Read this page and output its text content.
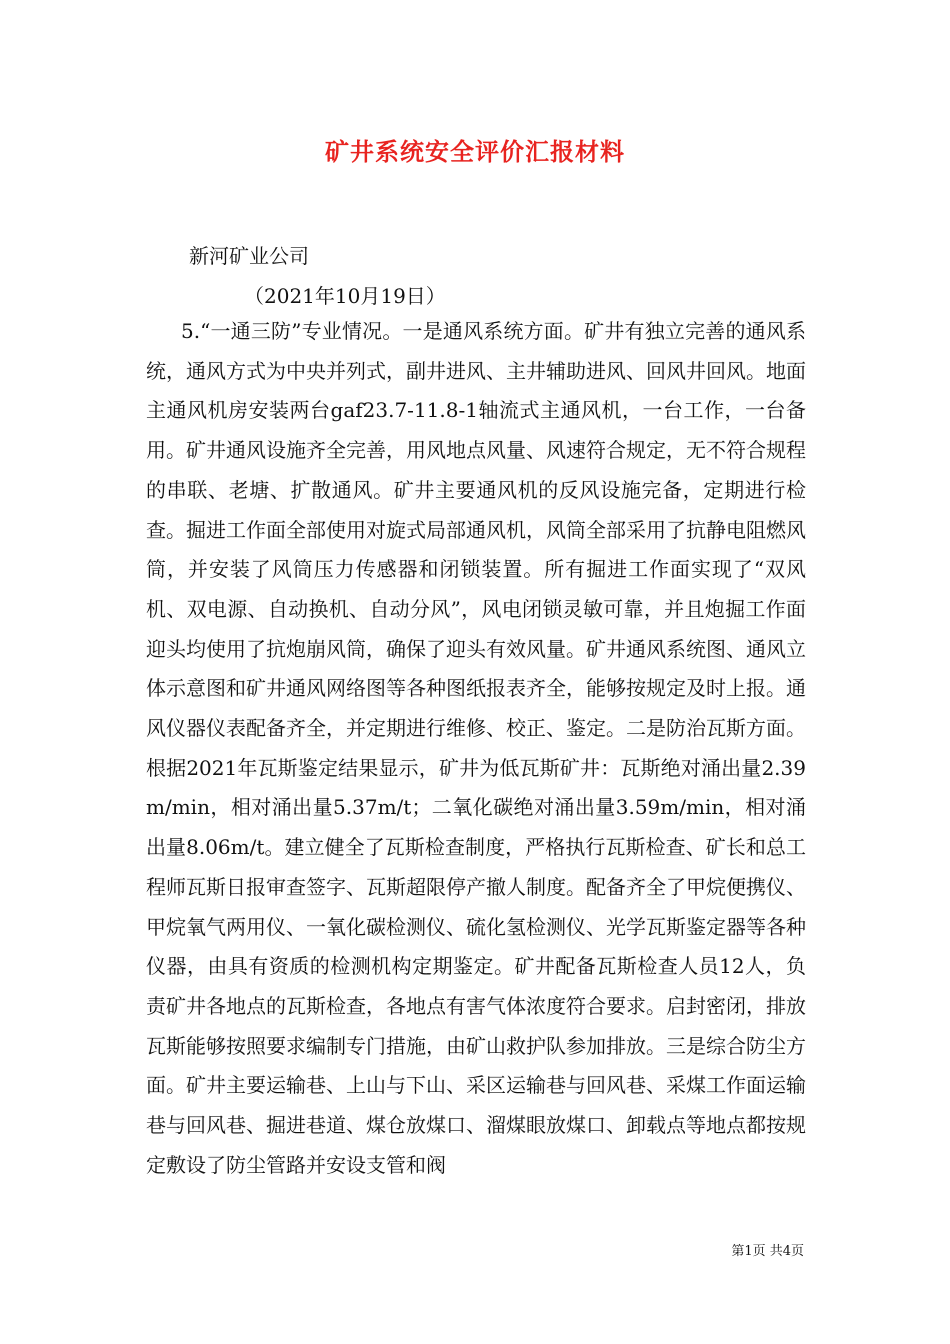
矿井系统安全评价汇报材料

新河矿业公司

（2021年10月19日）

5.“一通三防”专业情况。一是通风系统方面。矿井有独立完善的通风系统，通风方式为中央并列式，副井进风、主井辅助进风、回风井回风。地面主通风机房安装两台gaf23.7-11.8-1轴流式主通风机，一台工作，一台备用。矿井通风设施齐全完善，用风地点风量、风速符合规定，无不符合规程的串联、老塘、扩散通风。矿井主要通风机的反风设施完备，定期进行检查。掘进工作面全部使用对旋式局部通风机，风筒全部采用了抗静电阻燃风筒，并安装了风筒压力传感器和闭锁装置。所有掘进工作面实现了“双风机、双电源、自动换机、自动分风”，风电闭锁灵敏可靠，并且炮掘工作面迎头均使用了抗炮崩风筒，确保了迎头有效风量。矿井通风系统图、通风立体示意图和矿井通风网络图等各种图纸报表齐全，能够按规定及时上报。通风仪器仪表配备齐全，并定期进行维修、校正、鉴定。二是防治瓦斯方面。根据2021年瓦斯鉴定结果显示，矿井为低瓦斯矿井：瓦斯绝对涌出量2.39m/min，相对涌出量5.37m/t；二氧化碳绝对涌出量3.59m/min，相对涌出量8.06m/t。建立健全了瓦斯检查制度，严格执行瓦斯检查、矿长和总工程师瓦斯日报审查签字、瓦斯超限停产撤人制度。配备齐全了甲烷便携仪、甲烷氧气两用仪、一氧化碳检测仪、硫化氢检测仪、光学瓦斯鉴定器等各种仪器，由具有资质的检测机构定期鉴定。矿井配备瓦斯检查人员12人，负责矿井各地点的瓦斯检查，各地点有害气体浓度符合要求。启封密闭，排放瓦斯能够按照要求编制专门措施，由矿山救护队参加排放。三是综合防尘方面。矿井主要运输巷、上山与下山、采区运输巷与回风巷、采煤工作面运输巷与回风巷、掘进巷道、煤仓放煤口、溜煤眼放煤口、卸载点等地点都按规定敷设了防尘管路并安设支管和阀

第1页 共4页
